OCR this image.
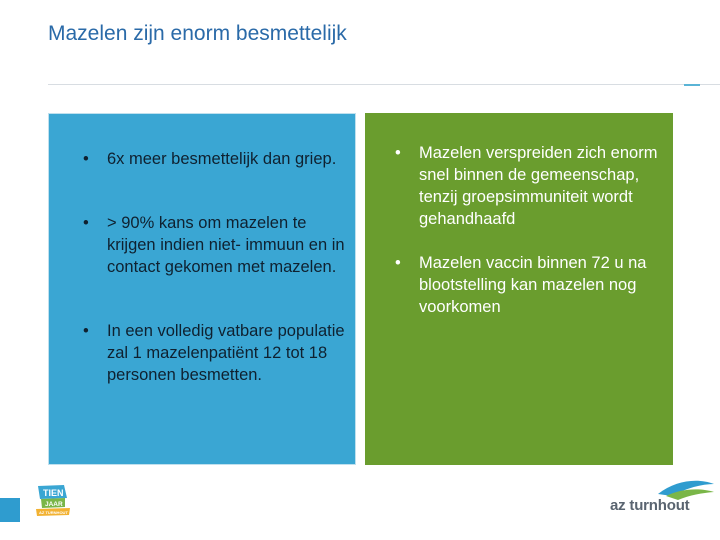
Mazelen zijn enorm besmettelijk
• 6x meer besmettelijk dan griep.
• > 90% kans om mazelen te krijgen indien niet- immuun en in contact gekomen met mazelen.
• In een volledig vatbare populatie zal 1 mazelenpatiënt 12 tot 18 personen besmetten.
• Mazelen verspreiden zich enorm snel binnen de gemeenschap, tenzij groepsimmuniteit wordt gehandhaafd
• Mazelen vaccin binnen 72 u na blootstelling kan mazelen nog voorkomen
TIEN
JAAR
AZ TURNHOUT	az turnhout
